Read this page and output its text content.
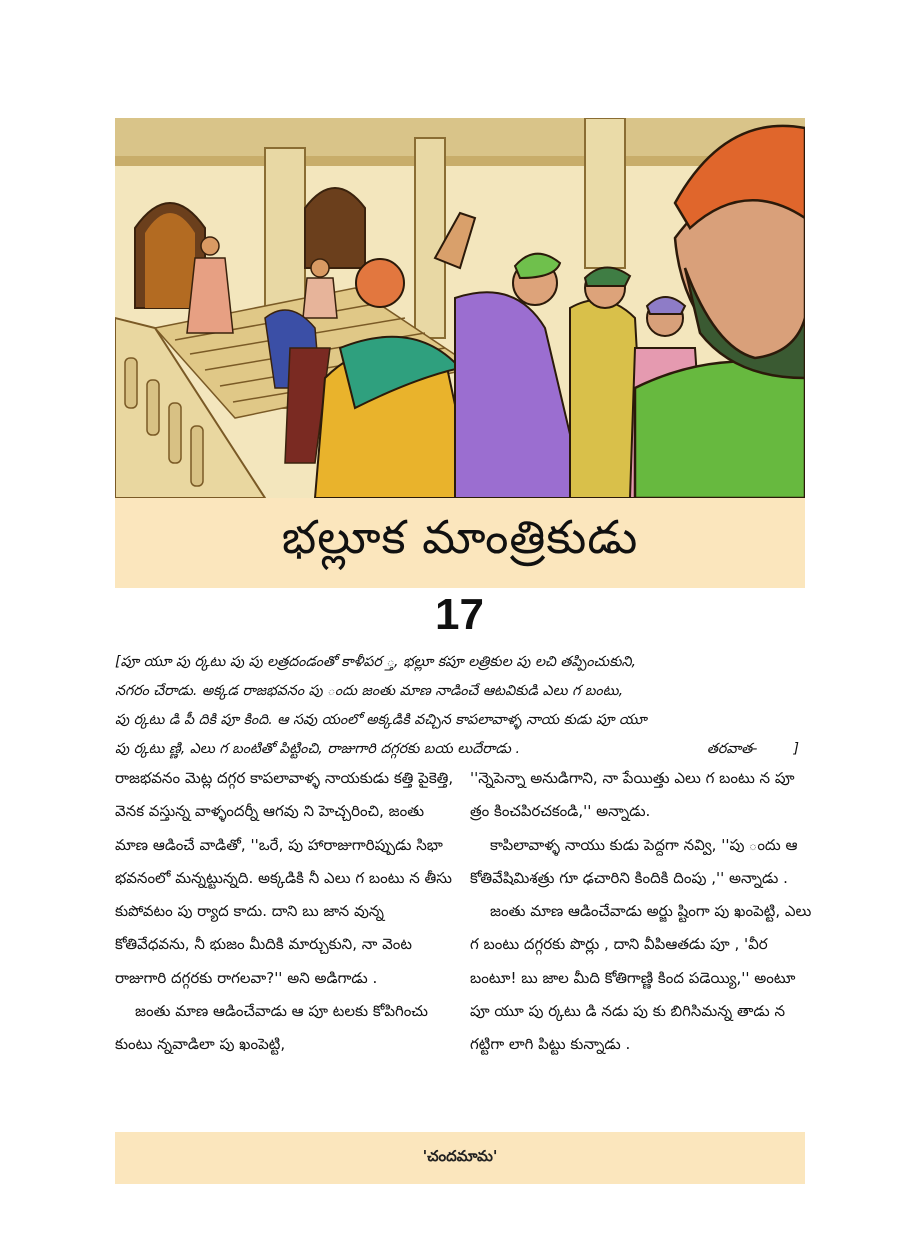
భల్లూక మాంత్రికుడు
17
[పూ యూ పు ర్కటు పు పు లత్రదండంతో కాళీపర ్త, భల్లూ కపూ లత్రికుల పు లచి తప్పించుకుని,
నగరం చేరాడు. అక్కడ రాజభవనం పు ందు జంతు మాణ నాడించే ఆటవికుడి ఎలు గ బంటు,
పు ర్కటు డి పీ దికి పూ కింది. ఆ సవు యంలో అక్కడికి వచ్చిన కాపలావాళ్ళ నాయ కుడు పూ యూ
పు ర్కటు ణ్ణి, ఎలు గ బంటితో పిట్టించి, రాజుగారి దగ్గరకు బయ లుదేరాడు .	తరవాత-	]

రాజభవనం మెట్ల దగ్గర కాపలావాళ్ళ నాయకుడు కత్తి పైకెత్తి, వెనక వస్తున్న వాళ్ళందర్నీ ఆగవు ని హెచ్చరించి, జంతు మాణ ఆడించే వాడితో, ''ఒరే, పు హారాజుగారిప్పుడు సిభా భవనంలో మన్నట్టున్నది. అక్కడికి నీ ఎలు గ బంటు న తీసు కుపోవటం పు ర్యాద కాదు. దాని బు జాన వున్న కోతివేధవను, నీ భుజం మీదికి మార్చుకుని, నా వెంట రాజుగారి దగ్గరకు రాగలవా?'' అని అడిగాడు .

జంతు మాణ ఆడించేవాడు ఆ పూ టలకు కోపిగించు కుంటు న్నవాడిలా పు ఖంపెట్టి,

''న్నెపెన్నా అనుడిగాని, నా పేయిత్తు ఎలు గ బంటు న పూ త్రం కించపిరచకండి,'' అన్నాడు.

కాపిలావాళ్ళ నాయు కుడు పెద్దగా నవ్వి, ''పు ందు ఆ కోతివేషిమిశత్రు గూ ఢచారిని కిందికి దింపు ,'' అన్నాడు .

జంతు మాణ ఆడించేవాడు అర్జు ష్టింగా పు ఖంపెట్టి, ఎలు గ బంటు దగ్గరకు పొర్లు , దాని వీపిఆతడు పూ , 'వీర బంటూ! బు జాల మీది కోతిగాణ్ణి కింద పడెయ్యి,'' అంటూ పూ యూ పు ర్కటు డి నడు పు కు బిగిసిమన్న తాడు న గట్టిగా లాగి పిట్టు కున్నాడు .

'చందమామ'
